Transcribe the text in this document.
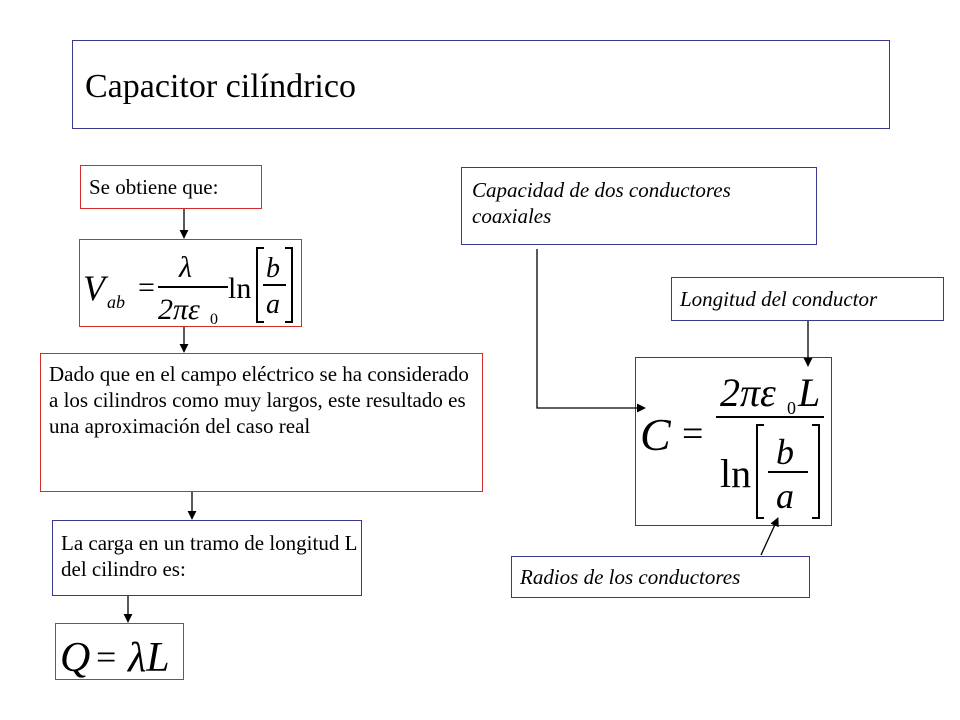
Capacitor cilíndrico
Se obtiene que:
V ab =
λ
2πε 0
ln
b
a
Dado que en el campo eléctrico se ha considerado a los cilindros como muy largos, este resultado es una aproximación del caso real
La carga en un tramo de longitud L del cilindro es:
Q = λL
Capacidad de dos conductores coaxiales
Longitud del conductor
C =
2πε 0 L
ln b
a
Radios de los conductores
